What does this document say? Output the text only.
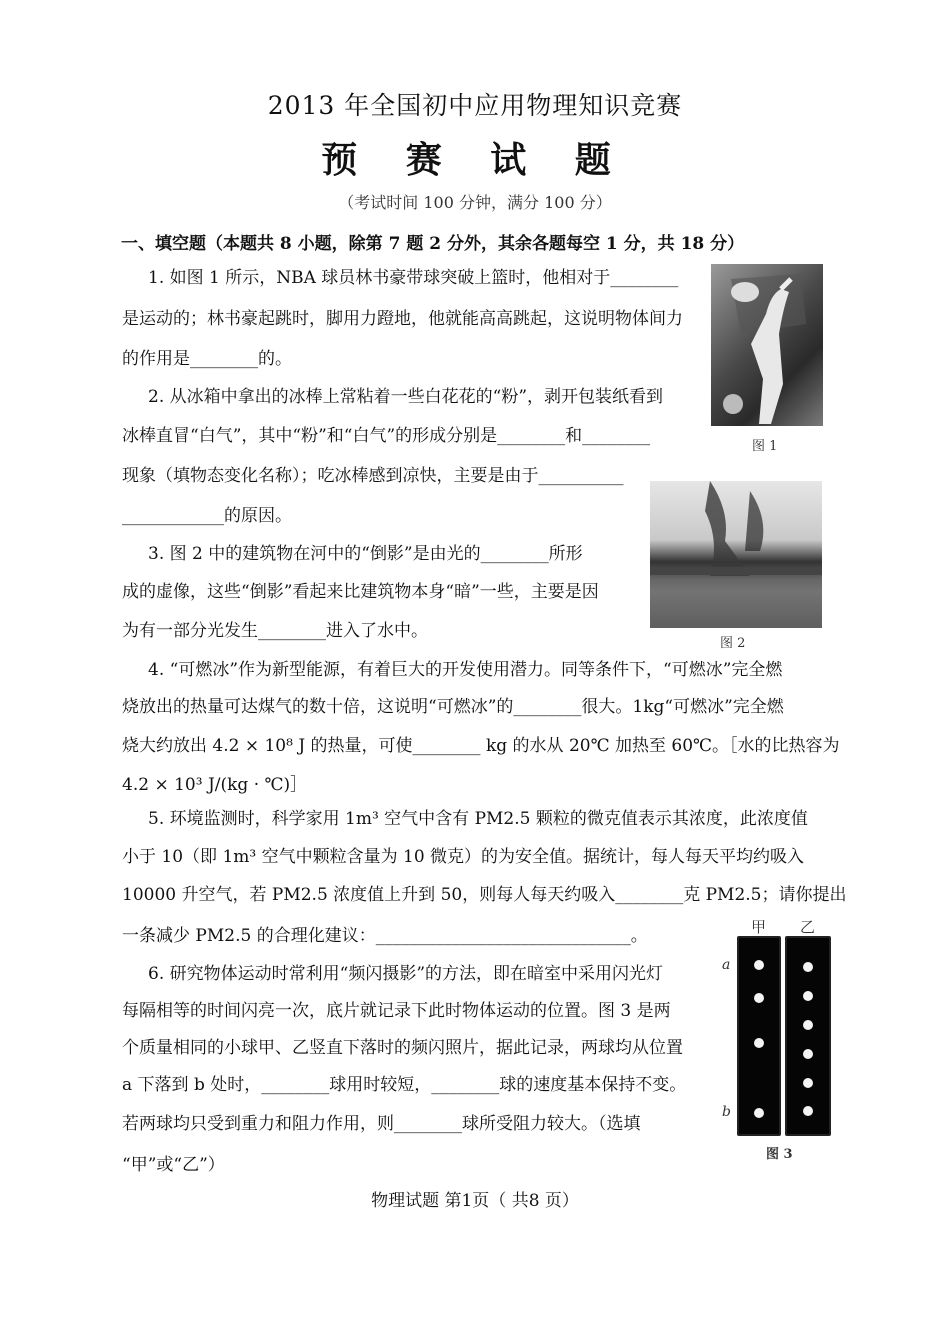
2013 年全国初中应用物理知识竞赛
预 赛 试 题
（考试时间 100 分钟，满分 100 分）
一、填空题（本题共 8 小题，除第 7 题 2 分外，其余各题每空 1 分，共 18 分）
1. 如图 1 所示，NBA 球员林书豪带球突破上篮时，他相对于________
是运动的；林书豪起跳时，脚用力蹬地，他就能高高跳起，这说明物体间力
的作用是________的。
2. 从冰箱中拿出的冰棒上常粘着一些白花花的“粉”，剥开包装纸看到
冰棒直冒“白气”，其中“粉”和“白气”的形成分别是________和________
现象（填物态变化名称）；吃冰棒感到凉快，主要是由于__________
____________的原因。
3. 图 2 中的建筑物在河中的“倒影”是由光的________所形
成的虚像，这些“倒影”看起来比建筑物本身“暗”一些，主要是因
为有一部分光发生________进入了水中。
4. “可燃冰”作为新型能源，有着巨大的开发使用潜力。同等条件下，“可燃冰”完全燃
烧放出的热量可达煤气的数十倍，这说明“可燃冰”的________很大。1kg“可燃冰”完全燃
烧大约放出 4.2 × 10⁸ J 的热量，可使________ kg 的水从 20℃ 加热至 60℃。［水的比热容为
4.2 × 10³ J/(kg · ℃)］
5. 环境监测时，科学家用 1m³ 空气中含有 PM2.5 颗粒的微克值表示其浓度，此浓度值
小于 10（即 1m³ 空气中颗粒含量为 10 微克）的为安全值。据统计，每人每天平均约吸入
10000 升空气，若 PM2.5 浓度值上升到 50，则每人每天约吸入________克 PM2.5；请你提出
一条减少 PM2.5 的合理化建议：______________________________。
6. 研究物体运动时常利用“频闪摄影”的方法，即在暗室中采用闪光灯
每隔相等的时间闪亮一次，底片就记录下此时物体运动的位置。图 3 是两
个质量相同的小球甲、乙竖直下落时的频闪照片，据此记录，两球均从位置
a 下落到 b 处时，________球用时较短，________球的速度基本保持不变。
若两球均只受到重力和阻力作用，则________球所受阻力较大。（选填
“甲”或“乙”）
图 1
图 2
甲 乙
a
b
图 3
物理试题 第1页（ 共8 页）
